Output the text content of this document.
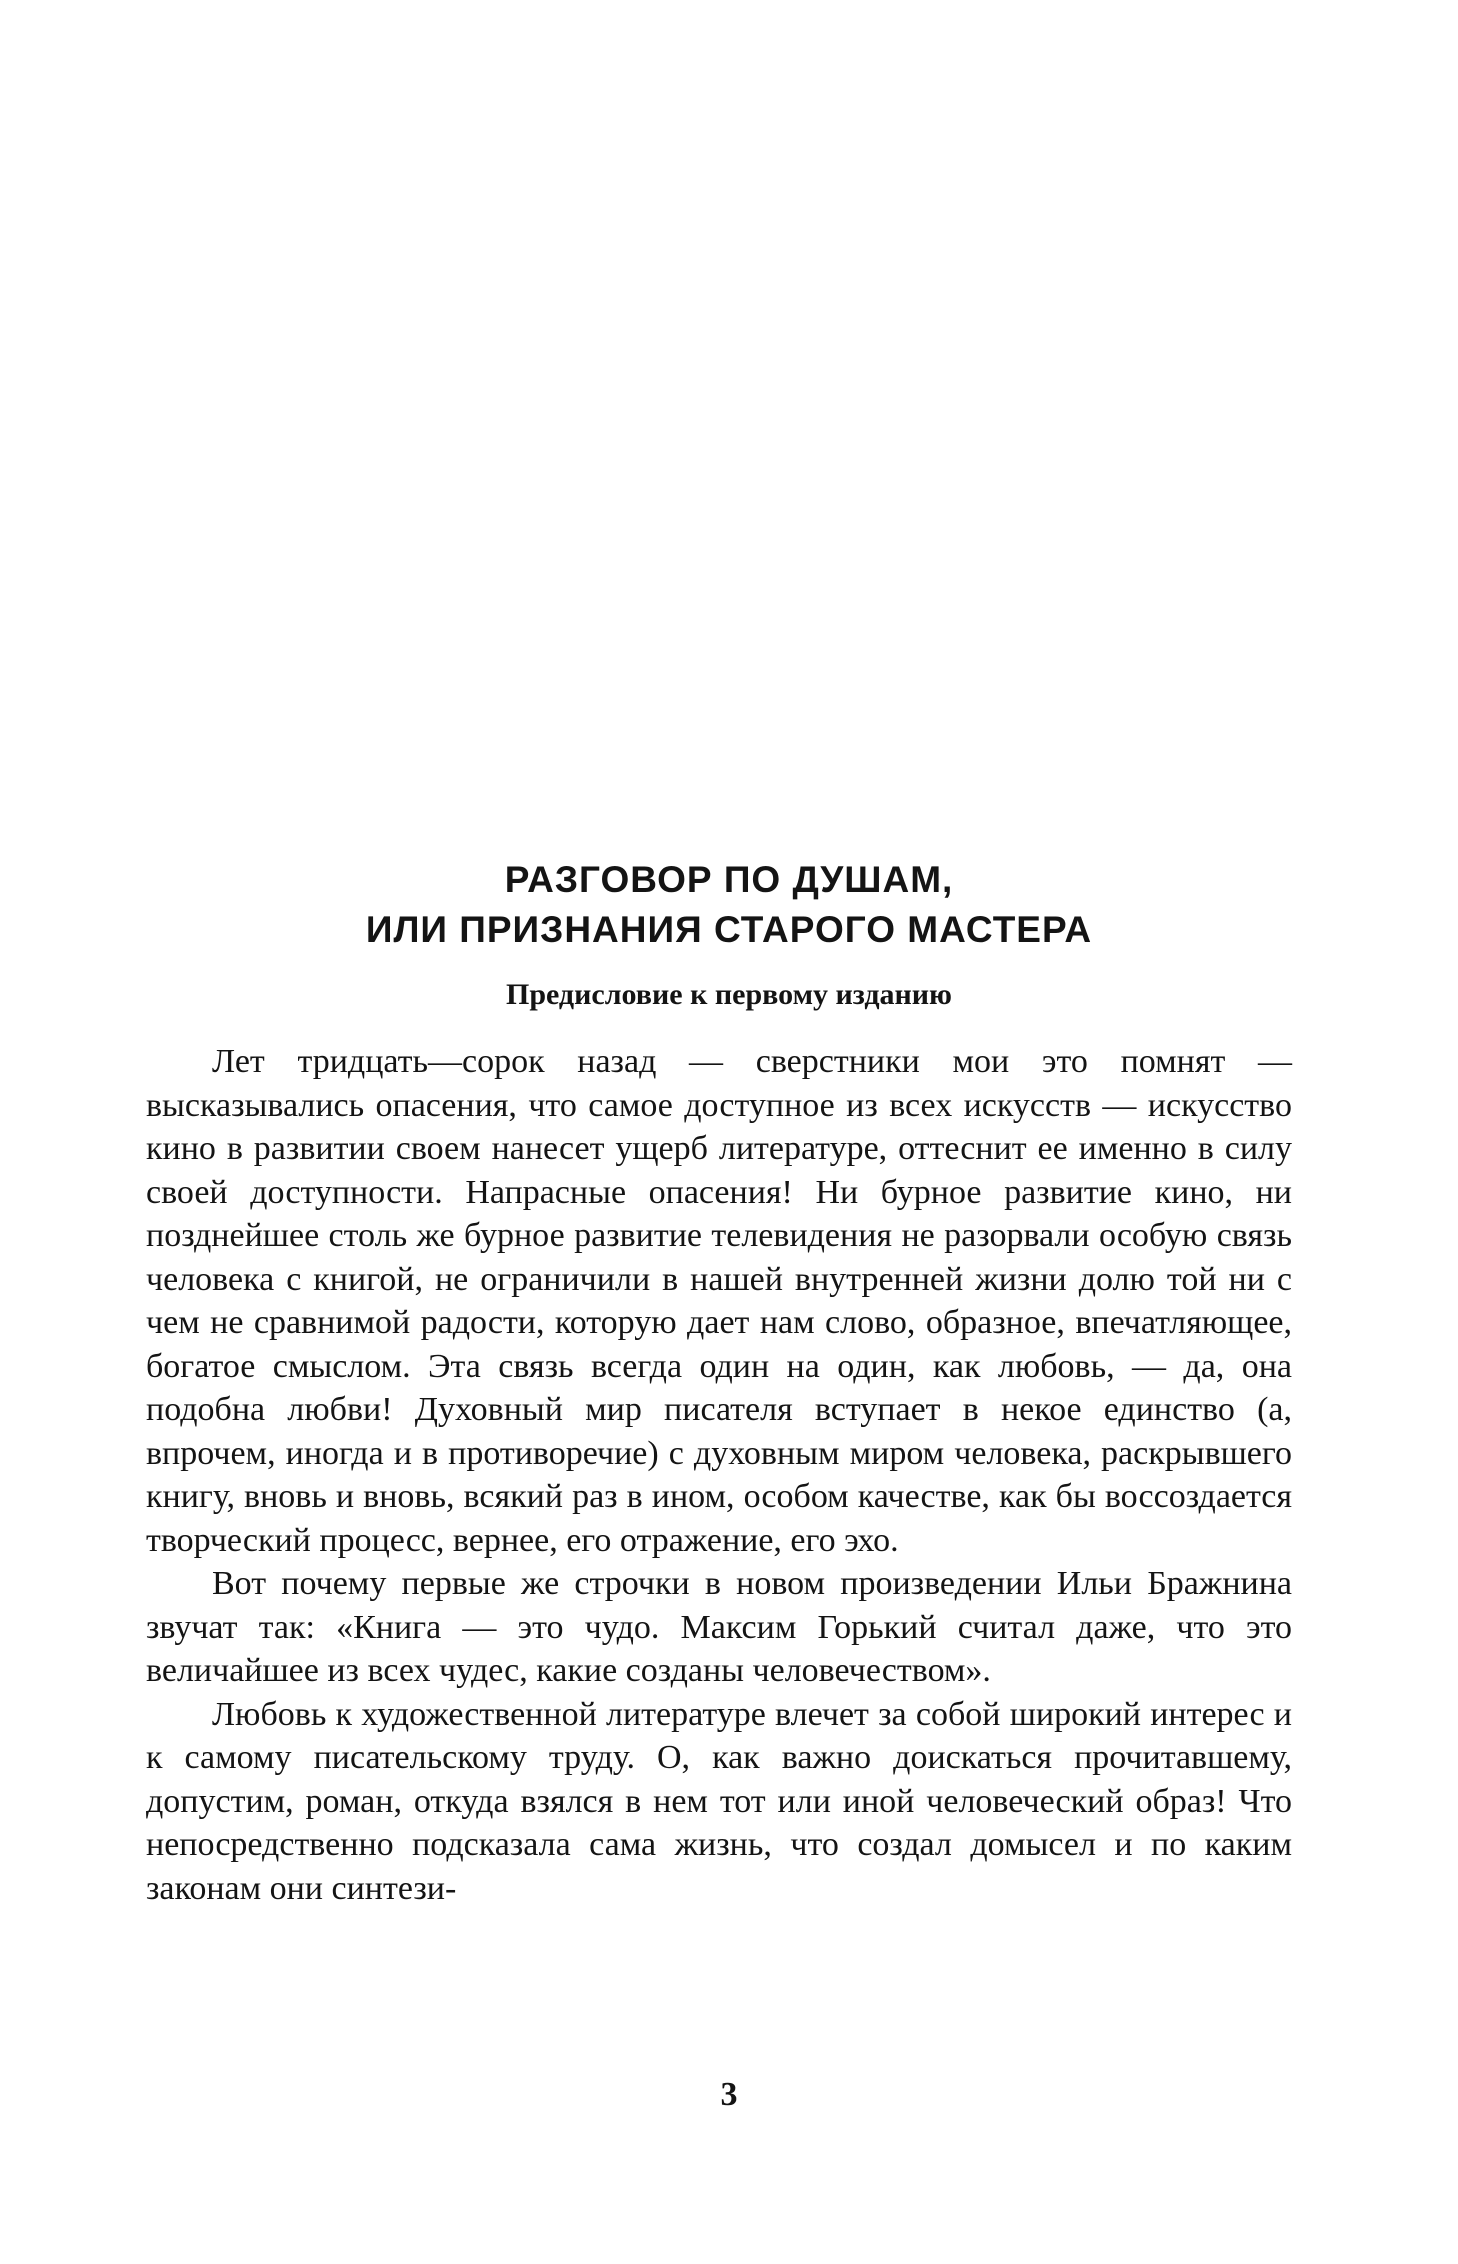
РАЗГОВОР ПО ДУШАМ,
ИЛИ ПРИЗНАНИЯ СТАРОГО МАСТЕРА
Предисловие к первому изданию

Лет тридцать—сорок назад — сверстники мои это помнят — высказывались опасения, что самое доступное из всех искусств — искусство кино в развитии своем нанесет ущерб литературе, оттеснит ее именно в силу своей доступности. Напрасные опасения! Ни бурное развитие кино, ни позднейшее столь же бурное развитие телевидения не разорвали особую связь человека с книгой, не ограничили в нашей внутренней жизни долю той ни с чем не сравнимой радости, которую дает нам слово, образное, впечатляющее, богатое смыслом. Эта связь всегда один на один, как любовь, — да, она подобна любви! Духовный мир писателя вступает в некое единство (а, впрочем, иногда и в противоречие) с духовным миром человека, раскрывшего книгу, вновь и вновь, всякий раз в ином, особом качестве, как бы воссоздается творческий процесс, вернее, его отражение, его эхо.

Вот почему первые же строчки в новом произведении Ильи Бражнина звучат так: «Книга — это чудо. Максим Горький считал даже, что это величайшее из всех чудес, какие созданы человечеством».

Любовь к художественной литературе влечет за собой широкий интерес и к самому писательскому труду. О, как важно доискаться прочитавшему, допустим, роман, откуда взялся в нем тот или иной человеческий образ! Что непосредственно подсказала сама жизнь, что создал домысел и по каким законам они синтези-

3
